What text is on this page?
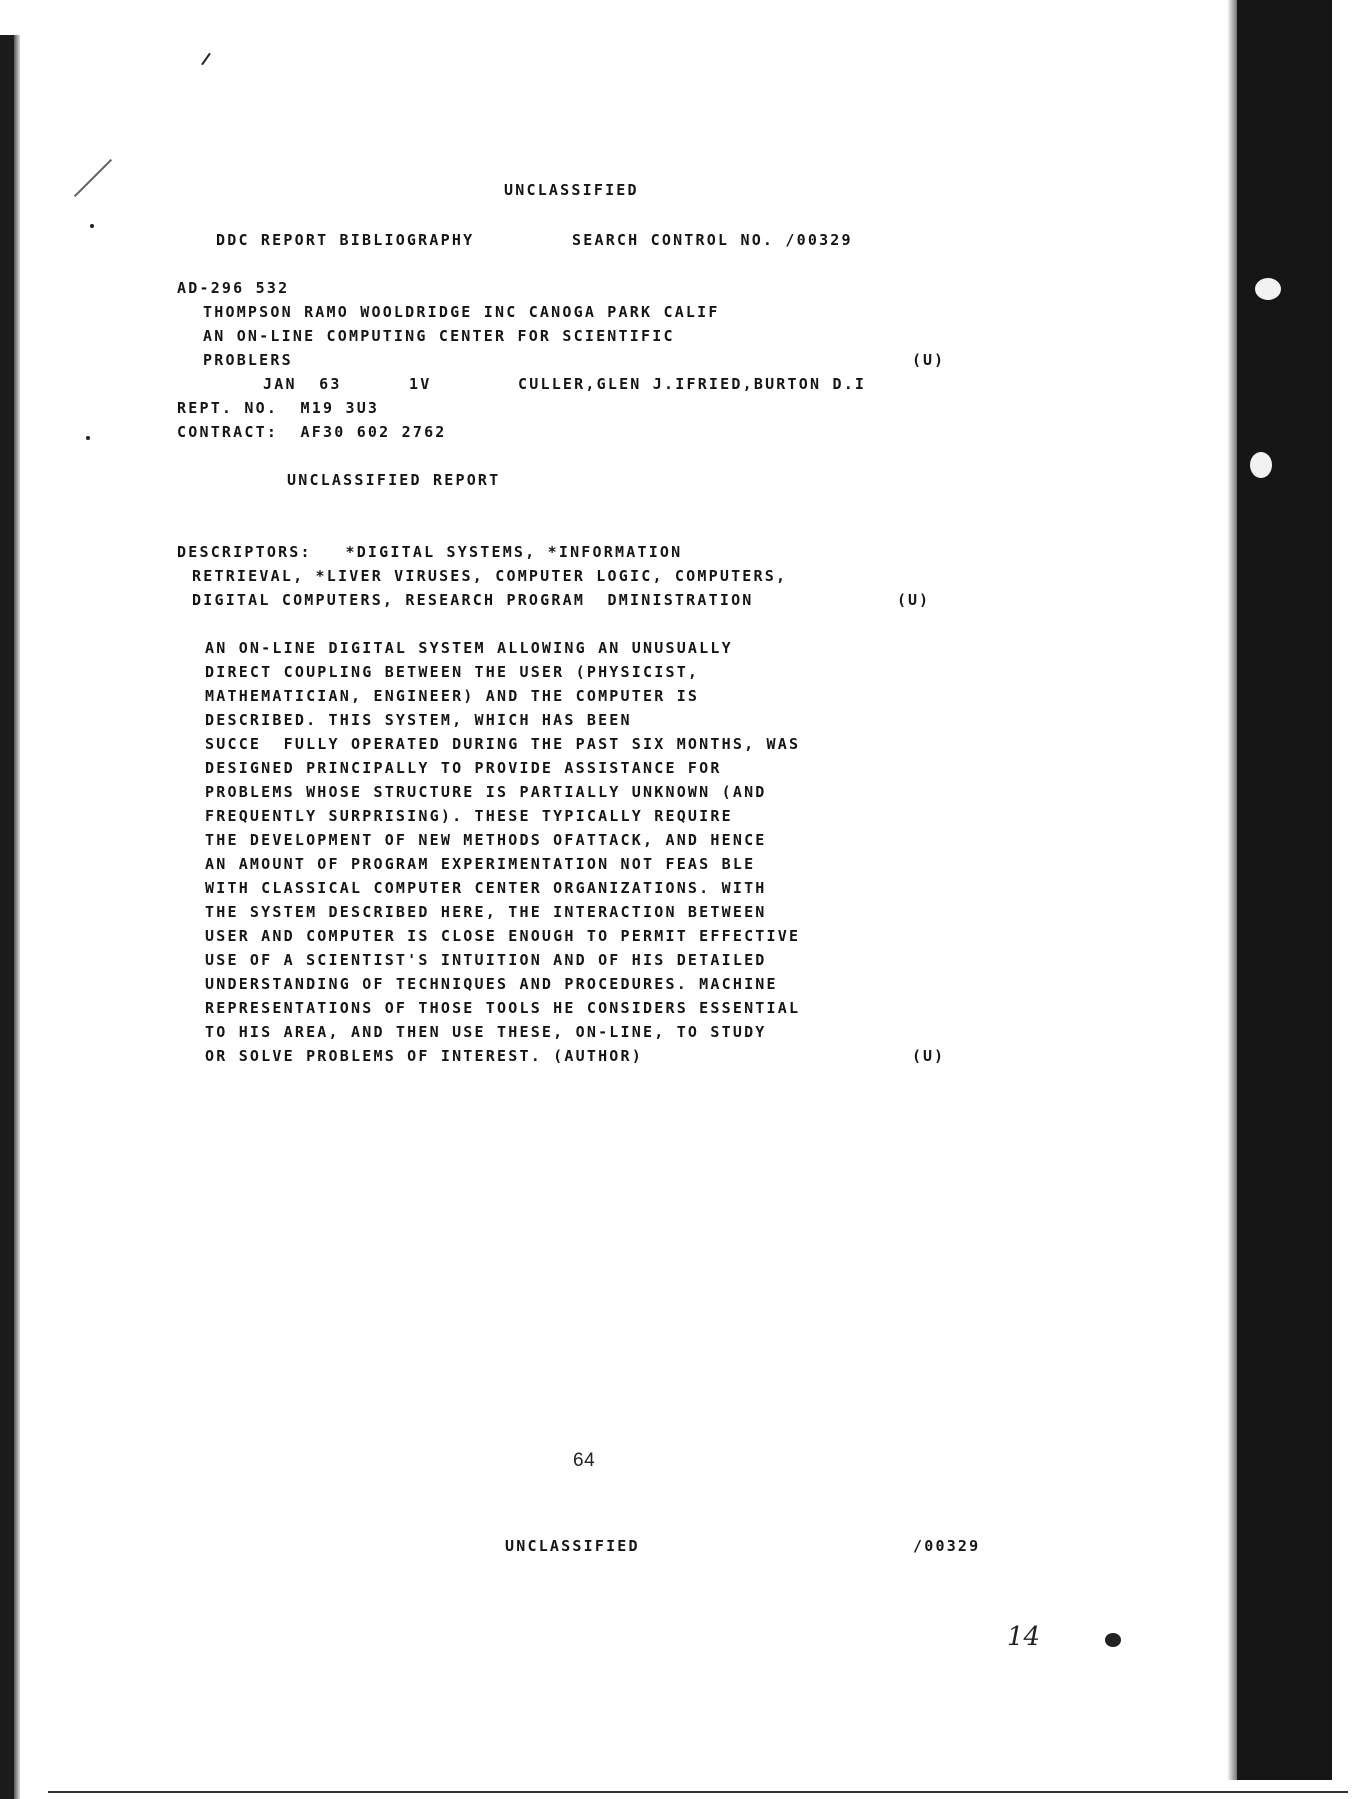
UNCLASSIFIED
DDC REPORT BIBLIOGRAPHY	SEARCH CONTROL NO. /00329
AD-296 532
THOMPSON RAMO WOOLDRIDGE INC CANOGA PARK CALIF
AN ON-LINE COMPUTING CENTER FOR SCIENTIFIC
PROBLERS	(U)
JAN  63	1V	CULLER,GLEN J.IFRIED,BURTON D.I
REPT. NO.  M19 3U3
CONTRACT:  AF30 602 2762
UNCLASSIFIED REPORT
DESCRIPTORS:   *DIGITAL SYSTEMS, *INFORMATION
RETRIEVAL, *LIVER VIRUSES, COMPUTER LOGIC, COMPUTERS,
DIGITAL COMPUTERS, RESEARCH PROGRAM  DMINISTRATION	(U)
AN ON-LINE DIGITAL SYSTEM ALLOWING AN UNUSUALLY
DIRECT COUPLING BETWEEN THE USER (PHYSICIST,
MATHEMATICIAN, ENGINEER) AND THE COMPUTER IS
DESCRIBED. THIS SYSTEM, WHICH HAS BEEN
SUCCE  FULLY OPERATED DURING THE PAST SIX MONTHS, WAS
DESIGNED PRINCIPALLY TO PROVIDE ASSISTANCE FOR
PROBLEMS WHOSE STRUCTURE IS PARTIALLY UNKNOWN (AND
FREQUENTLY SURPRISING). THESE TYPICALLY REQUIRE
THE DEVELOPMENT OF NEW METHODS OFATTACK, AND HENCE
AN AMOUNT OF PROGRAM EXPERIMENTATION NOT FEAS BLE
WITH CLASSICAL COMPUTER CENTER ORGANIZATIONS. WITH
THE SYSTEM DESCRIBED HERE, THE INTERACTION BETWEEN
USER AND COMPUTER IS CLOSE ENOUGH TO PERMIT EFFECTIVE
USE OF A SCIENTIST'S INTUITION AND OF HIS DETAILED
UNDERSTANDING OF TECHNIQUES AND PROCEDURES. MACHINE
REPRESENTATIONS OF THOSE TOOLS HE CONSIDERS ESSENTIAL
TO HIS AREA, AND THEN USE THESE, ON-LINE, TO STUDY
OR SOLVE PROBLEMS OF INTEREST. (AUTHOR)	(U)
64
UNCLASSIFIED	/00329
14
